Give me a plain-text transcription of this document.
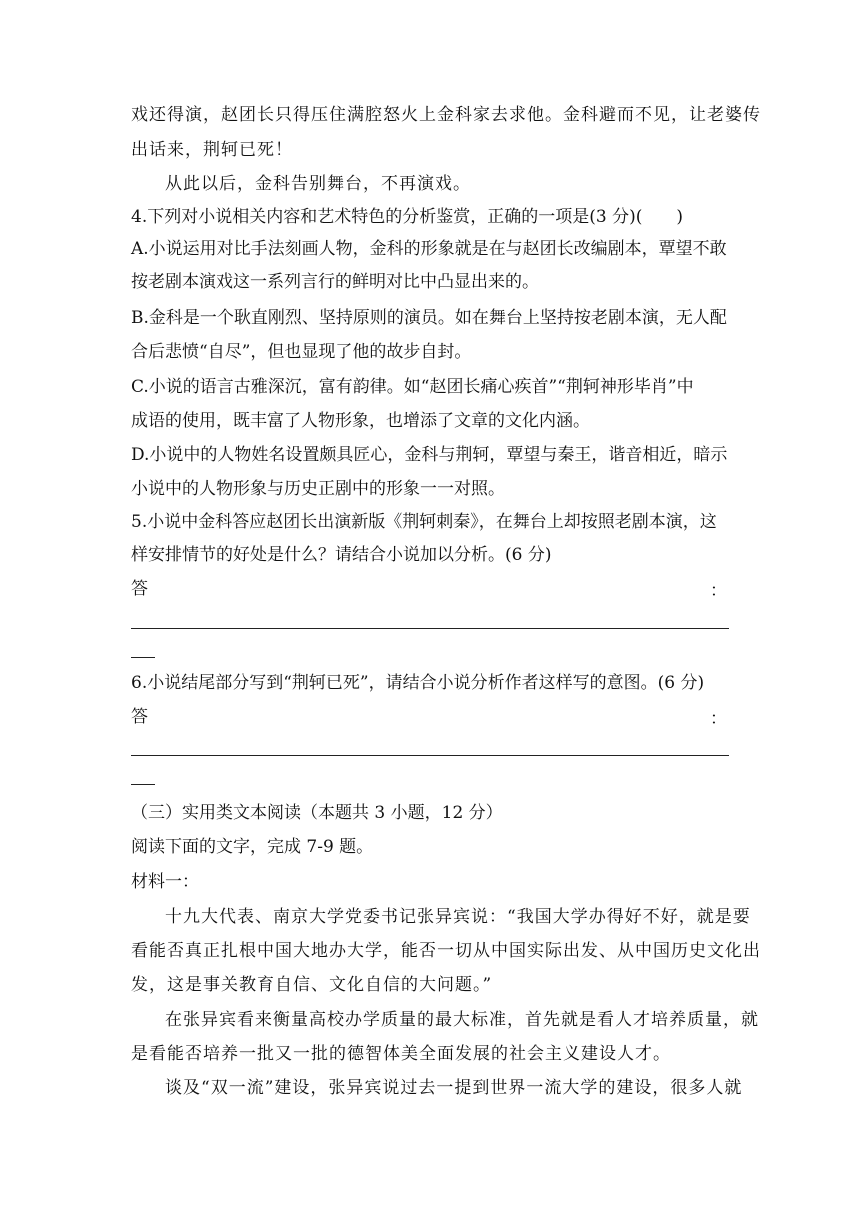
戏还得演，赵团长只得压住满腔怒火上金科家去求他。金科避而不见，让老婆传
出话来，荆轲已死！
从此以后，金科告别舞台，不再演戏。
4.下列对小说相关内容和艺术特色的分析鉴赏，正确的一项是(3 分)(　　)
A.小说运用对比手法刻画人物，金科的形象就是在与赵团长改编剧本，覃望不敢
按老剧本演戏这一系列言行的鲜明对比中凸显出来的。
B.金科是一个耿直刚烈、坚持原则的演员。如在舞台上坚持按老剧本演，无人配
合后悲愤“自尽”，但也显现了他的故步自封。
C.小说的语言古雅深沉，富有韵律。如“赵团长痛心疾首”“荆轲神形毕肖”中
成语的使用，既丰富了人物形象，也增添了文章的文化内涵。
D.小说中的人物姓名设置颇具匠心，金科与荆轲，覃望与秦王，谐音相近，暗示
小说中的人物形象与历史正剧中的形象一一对照。
5.小说中金科答应赵团长出演新版《荆轲刺秦》，在舞台上却按照老剧本演，这
样安排情节的好处是什么？请结合小说加以分析。(6 分)
答	：
6.小说结尾部分写到“荆轲已死”，请结合小说分析作者这样写的意图。(6 分)
答	：
（三）实用类文本阅读（本题共 3 小题，12 分）
阅读下面的文字，完成 7-9 题。
材料一：
十九大代表、南京大学党委书记张异宾说：“我国大学办得好不好，就是要
看能否真正扎根中国大地办大学，能否一切从中国实际出发、从中国历史文化出
发，这是事关教育自信、文化自信的大问题。”
在张异宾看来衡量高校办学质量的最大标准，首先就是看人才培养质量，就
是看能否培养一批又一批的德智体美全面发展的社会主义建设人才。
谈及“双一流”建设，张异宾说过去一提到世界一流大学的建设，很多人就
